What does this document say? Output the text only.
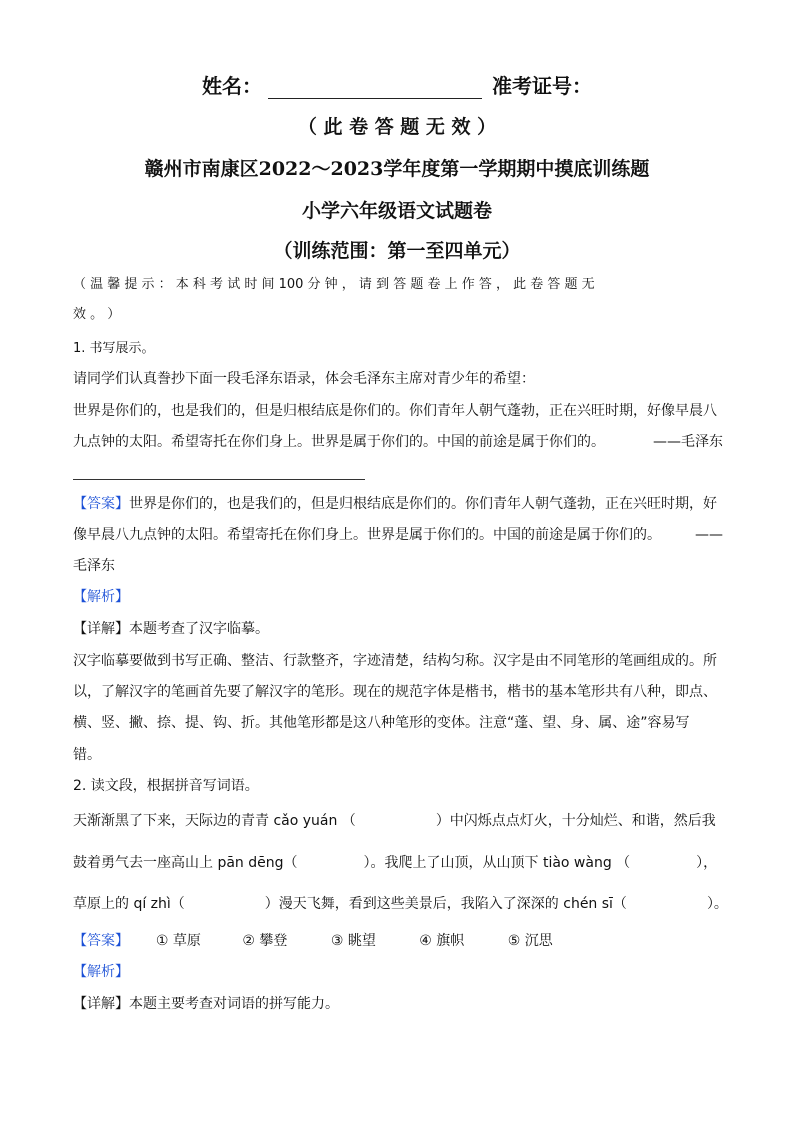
姓名：	准考证号：
（ 此 卷 答 题 无 效 ）
赣州市南康区2022～2023学年度第一学期期中摸底训练题
小学六年级语文试题卷
（训练范围：第一至四单元）
（ 温 馨 提 示 ： 本 科 考 试 时 间 100 分 钟 ， 请 到 答 题 卷 上 作 答 ， 此 卷 答 题 无
效 。 ）
1. 书写展示。
请同学们认真誊抄下面一段毛泽东语录，体会毛泽东主席对青少年的希望：
世界是你们的，也是我们的，但是归根结底是你们的。你们青年人朝气蓬勃，正在兴旺时期，好像早晨八
九点钟的太阳。希望寄托在你们身上。世界是属于你们的。中国的前途是属于你们的。	——毛泽东
【答案】世界是你们的，也是我们的，但是归根结底是你们的。你们青年人朝气蓬勃，正在兴旺时期，好
像早晨八九点钟的太阳。希望寄托在你们身上。世界是属于你们的。中国的前途是属于你们的。 ——
毛泽东
【解析】
【详解】本题考查了汉字临摹。
汉字临摹要做到书写正确、整洁、行款整齐，字迹清楚，结构匀称。汉字是由不同笔形的笔画组成的。所
以，了解汉字的笔画首先要了解汉字的笔形。现在的规范字体是楷书，楷书的基本笔形共有八种，即点、
横、竖、撇、捺、提、钩、折。其他笔形都是这八种笔形的变体。注意“蓬、望、身、属、途”容易写
错。
2. 读文段，根据拼音写词语。
天渐渐黑了下来，天际边的青青 cǎo yuán （	）中闪烁点点灯火，十分灿烂、和谐，然后我
鼓着勇气去一座高山上 pān dēng（	）。我爬上了山顶，从山顶下 tiào wàng （	），
草原上的 qí zhì（	）漫天飞舞，看到这些美景后，我陷入了深深的 chén sī（	）。
【答案】 ① 草原	② 攀登	③ 眺望	④ 旗帜	⑤ 沉思
【解析】
【详解】本题主要考查对词语的拼写能力。
